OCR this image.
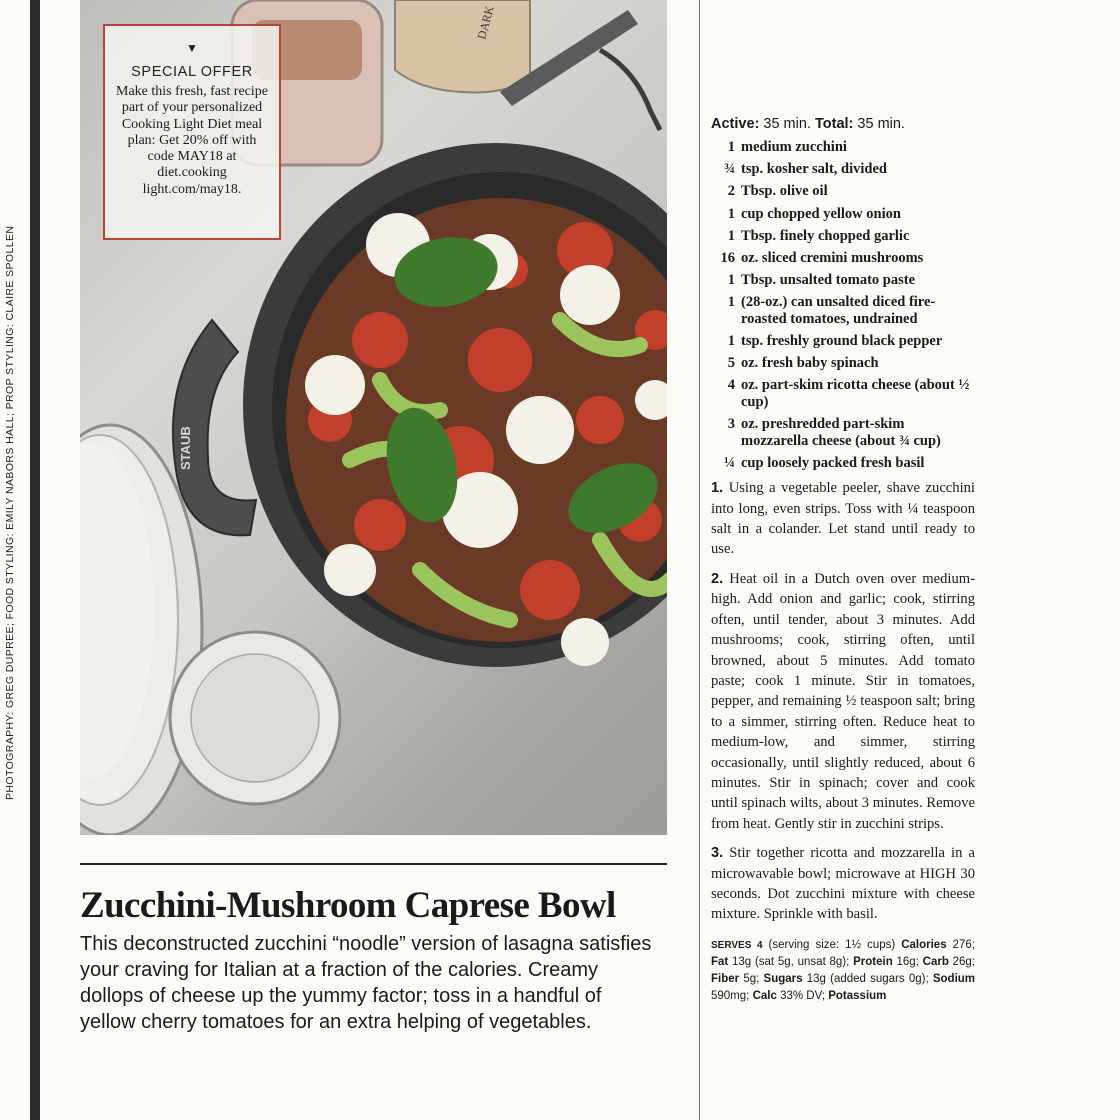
PHOTOGRAPHY: GREG DUPREE; FOOD STYLING: EMILY NABORS HALL; PROP STYLING: CLAIRE SPOLLEN
DARK
STAUB
▼
SPECIAL OFFER
Make this fresh, fast recipe part of your personalized Cooking Light Diet meal plan: Get 20% off with code MAY18 at diet.cooking light.com/may18.
Zucchini-Mushroom Caprese Bowl

This deconstructed zucchini “noodle” version of lasagna satisfies your craving for Italian at a fraction of the calories. Creamy dollops of cheese up the yummy factor; toss in a handful of yellow cherry tomatoes for an extra helping of vegetables.

Active: 35 min. Total: 35 min.
1 medium zucchini
¾ tsp. kosher salt, divided
2 Tbsp. olive oil
1 cup chopped yellow onion
1 Tbsp. finely chopped garlic
16 oz. sliced cremini mushrooms
1 Tbsp. unsalted tomato paste
1 (28-oz.) can unsalted diced fire-roasted tomatoes, undrained
1 tsp. freshly ground black pepper
5 oz. fresh baby spinach
4 oz. part-skim ricotta cheese (about ½ cup)
3 oz. preshredded part-skim mozzarella cheese (about ¾ cup)
¼ cup loosely packed fresh basil

1. Using a vegetable peeler, shave zucchini into long, even strips. Toss with ¼ teaspoon salt in a colander. Let stand until ready to use.

2. Heat oil in a Dutch oven over medium-high. Add onion and garlic; cook, stirring often, until tender, about 3 minutes. Add mushrooms; cook, stirring often, until browned, about 5 minutes. Add tomato paste; cook 1 minute. Stir in tomatoes, pepper, and remaining ½ teaspoon salt; bring to a simmer, stirring often. Reduce heat to medium-low, and simmer, stirring occasionally, until slightly reduced, about 6 minutes. Stir in spinach; cover and cook until spinach wilts, about 3 minutes. Remove from heat. Gently stir in zucchini strips.

3. Stir together ricotta and mozzarella in a microwavable bowl; microwave at HIGH 30 seconds. Dot zucchini mixture with cheese mixture. Sprinkle with basil.

SERVES 4 (serving size: 1½ cups) Calories 276; Fat 13g (sat 5g, unsat 8g); Protein 16g; Carb 26g; Fiber 5g; Sugars 13g (added sugars 0g); Sodium 590mg; Calc 33% DV; Potassium
